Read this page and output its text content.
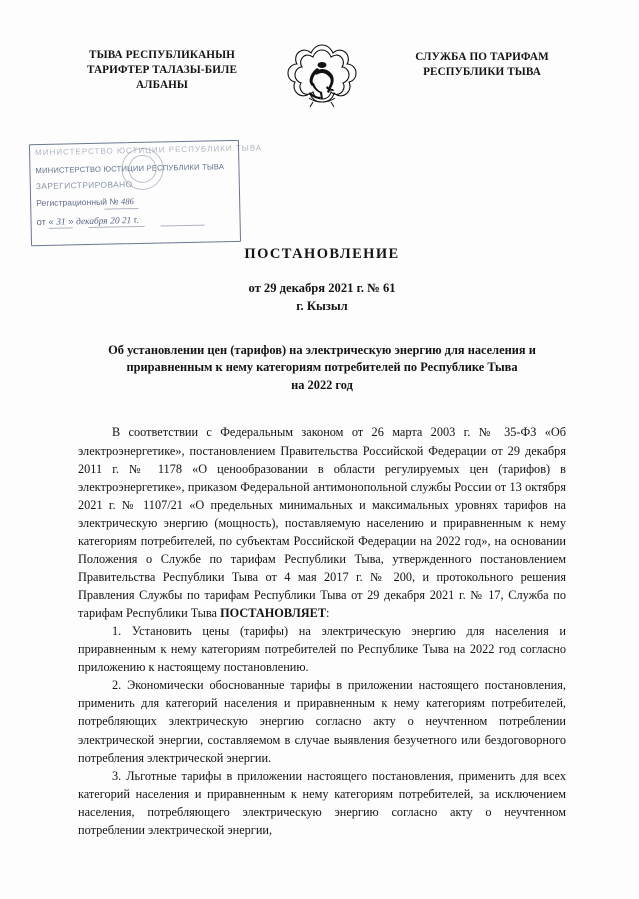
ТЫВА РЕСПУБЛИКАНЫН ТАРИФТЕР ТАЛАЗЫ-БИЛЕ АЛБАНЫ
СЛУЖБА ПО ТАРИФАМ РЕСПУБЛИКИ ТЫВА
ПОСТАНОВЛЕНИЕ
от 29 декабря 2021 г. № 61
г. Кызыл
Об установлении цен (тарифов) на электрическую энергию для населения и приравненным к нему категориям потребителей по Республике Тыва
на 2022 год

В соответствии с Федеральным законом от 26 марта 2003 г. № 35-ФЗ «Об электроэнергетике», постановлением Правительства Российской Федерации от 29 декабря 2011 г. № 1178 «О ценообразовании в области регулируемых цен (тарифов) в электроэнергетике», приказом Федеральной антимонопольной службы России от 13 октября 2021 г. № 1107/21 «О предельных минимальных и максимальных уровнях тарифов на электрическую энергию (мощность), поставляемую населению и приравненным к нему категориям потребителей, по субъектам Российской Федерации на 2022 год», на основании Положения о Службе по тарифам Республики Тыва, утвержденного постановлением Правительства Республики Тыва от 4 мая 2017 г. № 200, и протокольного решения Правления Службы по тарифам Республики Тыва от 29 декабря 2021 г. № 17, Служба по тарифам Республики Тыва ПОСТАНОВЛЯЕТ:

1. Установить цены (тарифы) на электрическую энергию для населения и приравненным к нему категориям потребителей по Республике Тыва на 2022 год согласно приложению к настоящему постановлению.

2. Экономически обоснованные тарифы в приложении настоящего постановления, применить для категорий населения и приравненным к нему категориям потребителей, потребляющих электрическую энергию согласно акту о неучтенном потреблении электрической энергии, составляемом в случае выявления безучетного или бездоговорного потребления электрической энергии.

3. Льготные тарифы в приложении настоящего постановления, применить для всех категорий населения и приравненным к нему категориям потребителей, за исключением населения, потребляющего электрическую энергию согласно акту о неучтенном потреблении электрической энергии,

МИНИСТЕРСТВО ЮСТИЦИИ РЕСПУБЛИКИ ТЫВА
МИНИСТЕРСТВО ЮСТИЦИИ РЕСПУБЛИКИ ТЫВА
ЗАРЕГИСТРИРОВАНО
Регистрационный № 486
от « 31 » декабря 20 21 г.
